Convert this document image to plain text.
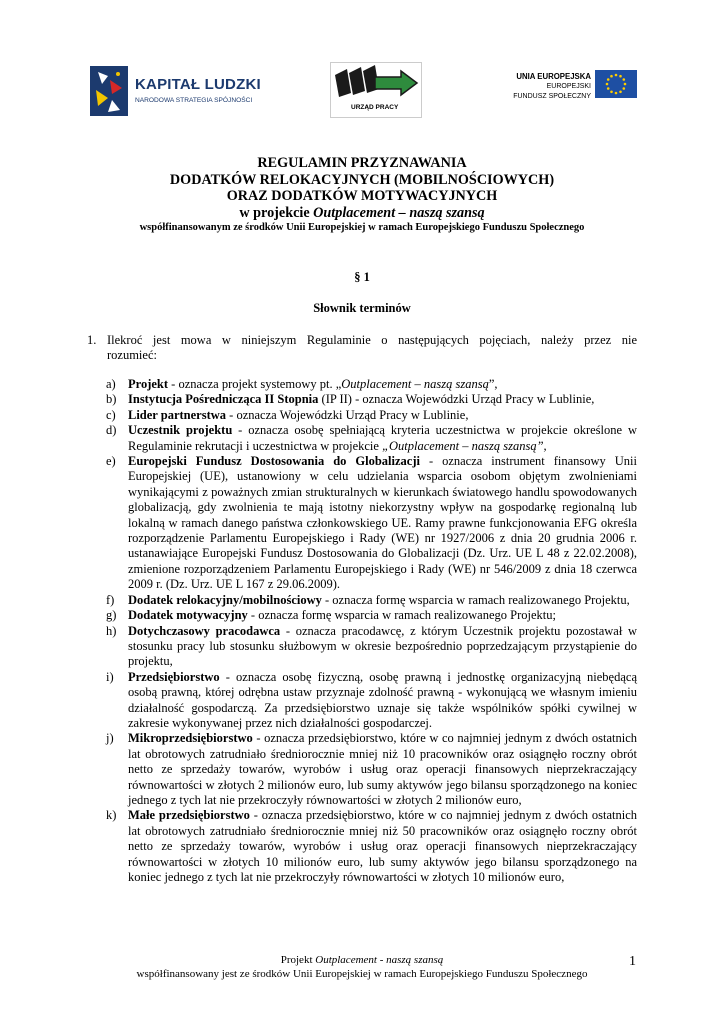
KAPITAŁ LUDZKI
NARODOWA STRATEGIA SPÓJNOŚCI
URZĄD PRACY
UNIA EUROPEJSKA
EUROPEJSKI
FUNDUSZ SPOŁECZNY
REGULAMIN PRZYZNAWANIA
DODATKÓW RELOKACYJNYCH (MOBILNOŚCIOWYCH)
ORAZ DODATKÓW MOTYWACYJNYCH
w projekcie Outplacement – naszą szansą
współfinansowanym ze środków Unii Europejskiej w ramach Europejskiego Funduszu Społecznego
§ 1
Słownik terminów
1. Ilekroć jest mowa w niniejszym Regulaminie o następujących pojęciach, należy przez nie
rozumieć:
a) Projekt - oznacza projekt systemowy pt. „Outplacement – naszą szansą”,
b) Instytucja Pośrednicząca II Stopnia (IP II) - oznacza Wojewódzki Urząd Pracy w Lublinie,
c) Lider partnerstwa - oznacza Wojewódzki Urząd Pracy w Lublinie,
d) Uczestnik projektu - oznacza osobę spełniającą kryteria uczestnictwa w projekcie określone w Regulaminie rekrutacji i uczestnictwa w projekcie „Outplacement – naszą szansą”,
e) Europejski Fundusz Dostosowania do Globalizacji - oznacza instrument finansowy Unii Europejskiej (UE), ustanowiony w celu udzielania wsparcia osobom objętym zwolnieniami wynikającymi z poważnych zmian strukturalnych w kierunkach światowego handlu spowodowanych globalizacją, gdy zwolnienia te mają istotny niekorzystny wpływ na gospodarkę regionalną lub lokalną w ramach danego państwa członkowskiego UE. Ramy prawne funkcjonowania EFG określa rozporządzenie Parlamentu Europejskiego i Rady (WE) nr 1927/2006 z dnia 20 grudnia 2006 r. ustanawiające Europejski Fundusz Dostosowania do Globalizacji (Dz. Urz. UE L 48 z 22.02.2008), zmienione rozporządzeniem Parlamentu Europejskiego i Rady (WE) nr 546/2009 z dnia 18 czerwca 2009 r. (Dz. Urz. UE L 167 z 29.06.2009).
f) Dodatek relokacyjny/mobilnościowy - oznacza formę wsparcia w ramach realizowanego Projektu,
g) Dodatek motywacyjny - oznacza formę wsparcia w ramach realizowanego Projektu;
h) Dotychczasowy pracodawca - oznacza pracodawcę, z którym Uczestnik projektu pozostawał w stosunku pracy lub stosunku służbowym w okresie bezpośrednio poprzedzającym przystąpienie do projektu,
i) Przedsiębiorstwo - oznacza osobę fizyczną, osobę prawną i jednostkę organizacyjną niebędącą osobą prawną, której odrębna ustaw przyznaje zdolność prawną - wykonującą we własnym imieniu działalność gospodarczą. Za przedsiębiorstwo uznaje się także wspólników spółki cywilnej w zakresie wykonywanej przez nich działalności gospodarczej.
j) Mikroprzedsiębiorstwo - oznacza przedsiębiorstwo, które w co najmniej jednym z dwóch ostatnich lat obrotowych zatrudniało średniorocznie mniej niż 10 pracowników oraz osiągnęło roczny obrót netto ze sprzedaży towarów, wyrobów i usług oraz operacji finansowych nieprzekraczający równowartości w złotych 2 milionów euro, lub sumy aktywów jego bilansu sporządzonego na koniec jednego z tych lat nie przekroczyły równowartości w złotych 2 milionów euro,
k) Małe przedsiębiorstwo - oznacza przedsiębiorstwo, które w co najmniej jednym z dwóch ostatnich lat obrotowych zatrudniało średniorocznie mniej niż 50 pracowników oraz osiągnęło roczny obrót netto ze sprzedaży towarów, wyrobów i usług oraz operacji finansowych nieprzekraczający równowartości w złotych 10 milionów euro, lub sumy aktywów jego bilansu sporządzonego na koniec jednego z tych lat nie przekroczyły równowartości w złotych 10 milionów euro,
Projekt Outplacement - naszą szansą
współfinansowany jest ze środków Unii Europejskiej w ramach Europejskiego Funduszu Społecznego
1
